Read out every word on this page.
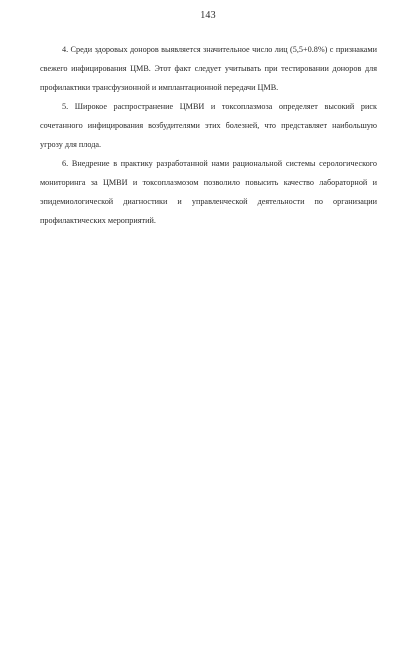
143

4. Среди здоровых доноров выявляется значительное число лиц (5,5+0.8%) с признаками свежего инфицирования ЦМВ. Этот факт следует учитывать при тестировании доноров для профилактики трансфузионной и имплантационной передачи ЦМВ.

5. Широкое распространение ЦМВИ и токсоплазмоза определяет высокий риск сочетанного инфицирования возбудителями этих болезней, что представляет наибольшую угрозу для плода.

6. Внедрение в практику разработанной нами рациональной системы серологического мониторинга за ЦМВИ и токсоплазмозом позволило повысить качество лабораторной и эпидемиологической диагностики и управленческой деятельности по организации профилактических мероприятий.
